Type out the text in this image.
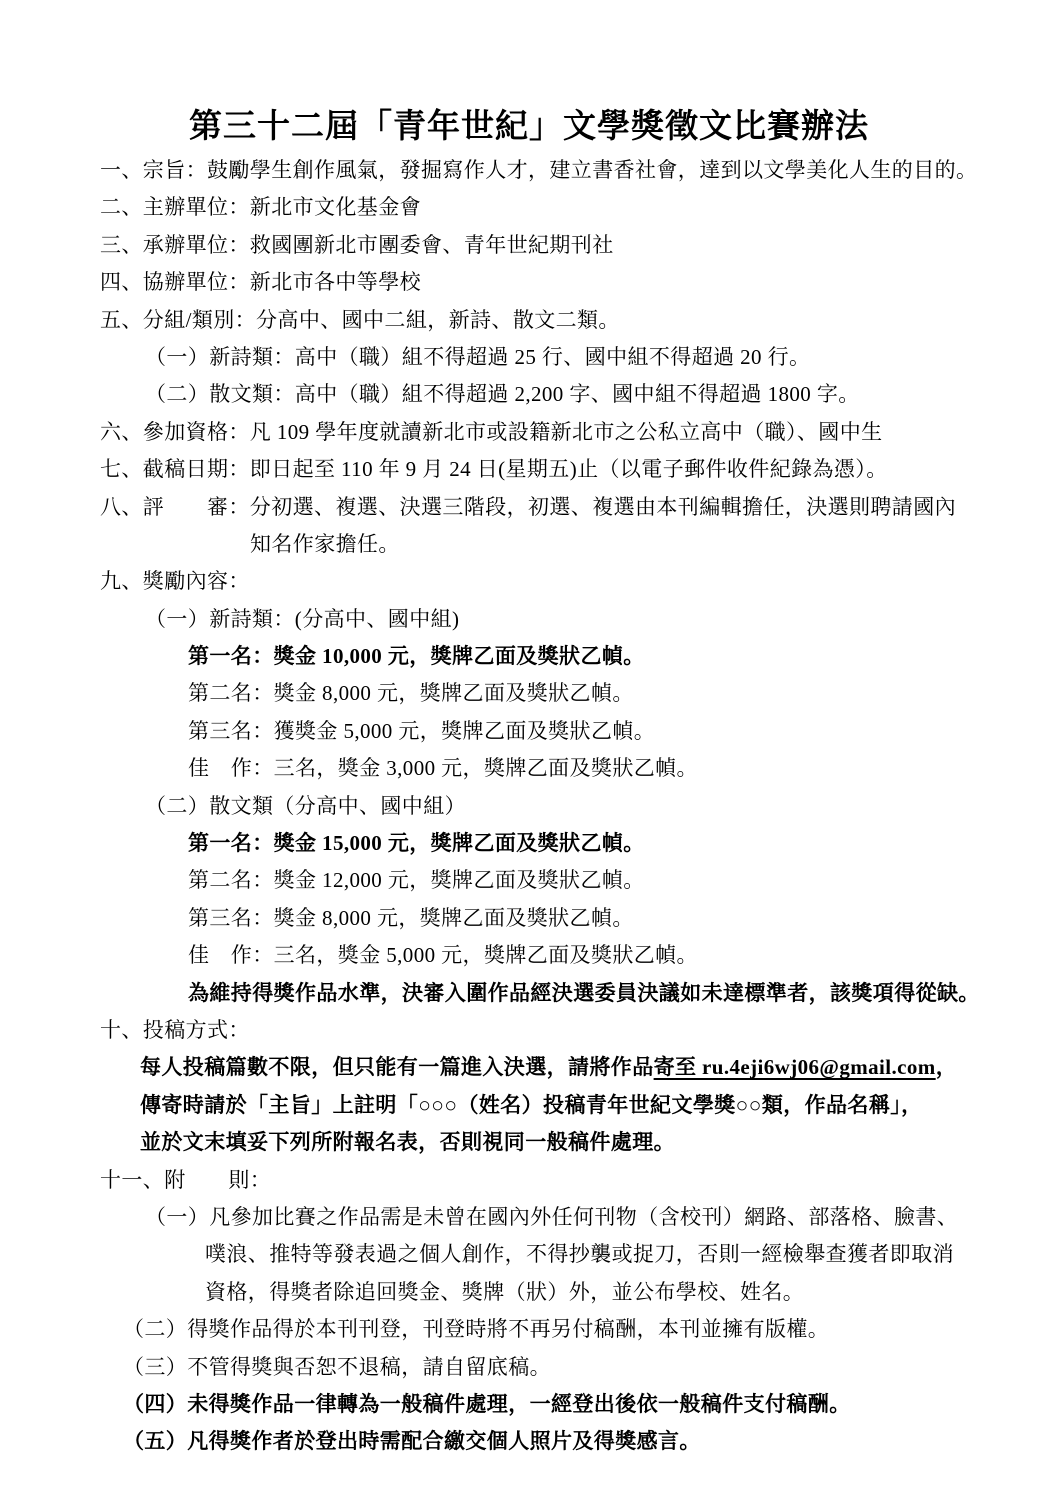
第三十二屆「青年世紀」文學獎徵文比賽辦法
一、宗旨：鼓勵學生創作風氣，發掘寫作人才，建立書香社會，達到以文學美化人生的目的。
二、主辦單位：新北市文化基金會
三、承辦單位：救國團新北市團委會、青年世紀期刊社
四、協辦單位：新北市各中等學校
五、分組/類別：分高中、國中二組，新詩、散文二類。
（一）新詩類：高中（職）組不得超過 25 行、國中組不得超過 20 行。
（二）散文類：高中（職）組不得超過 2,200 字、國中組不得超過 1800 字。
六、參加資格：凡 109 學年度就讀新北市或設籍新北市之公私立高中（職）、國中生
七、截稿日期：即日起至 110 年 9 月 24 日(星期五)止（以電子郵件收件紀錄為憑）。
八、評　　審：分初選、複選、決選三階段，初選、複選由本刊編輯擔任，決選則聘請國內
知名作家擔任。
九、獎勵內容：
（一）新詩類：(分高中、國中組)
第一名：獎金 10,000 元，獎牌乙面及獎狀乙幀。
第二名：獎金 8,000 元，獎牌乙面及獎狀乙幀。
第三名：獲獎金 5,000 元，獎牌乙面及獎狀乙幀。
佳　作：三名，獎金 3,000 元，獎牌乙面及獎狀乙幀。
（二）散文類（分高中、國中組）
第一名：獎金 15,000 元，獎牌乙面及獎狀乙幀。
第二名：獎金 12,000 元，獎牌乙面及獎狀乙幀。
第三名：獎金 8,000 元，獎牌乙面及獎狀乙幀。
佳　作：三名，獎金 5,000 元，獎牌乙面及獎狀乙幀。
為維持得獎作品水準，決審入圍作品經決選委員決議如未達標準者，該獎項得從缺。
十、投稿方式：
每人投稿篇數不限，但只能有一篇進入決選，請將作品寄至 ru.4eji6wj06@gmail.com，
傳寄時請於「主旨」上註明「○○○（姓名）投稿青年世紀文學獎○○類，作品名稱」，
並於文末填妥下列所附報名表，否則視同一般稿件處理。
十一、附　　則：
（一）凡參加比賽之作品需是未曾在國內外任何刊物（含校刊）網路、部落格、臉書、
噗浪、推特等發表過之個人創作，不得抄襲或捉刀，否則一經檢舉查獲者即取消
資格，得獎者除追回獎金、獎牌（狀）外，並公布學校、姓名。
（二）得獎作品得於本刊刊登，刊登時將不再另付稿酬，本刊並擁有版權。
（三）不管得獎與否恕不退稿，請自留底稿。
（四）未得獎作品一律轉為一般稿件處理，一經登出後依一般稿件支付稿酬。
（五）凡得獎作者於登出時需配合繳交個人照片及得獎感言。
